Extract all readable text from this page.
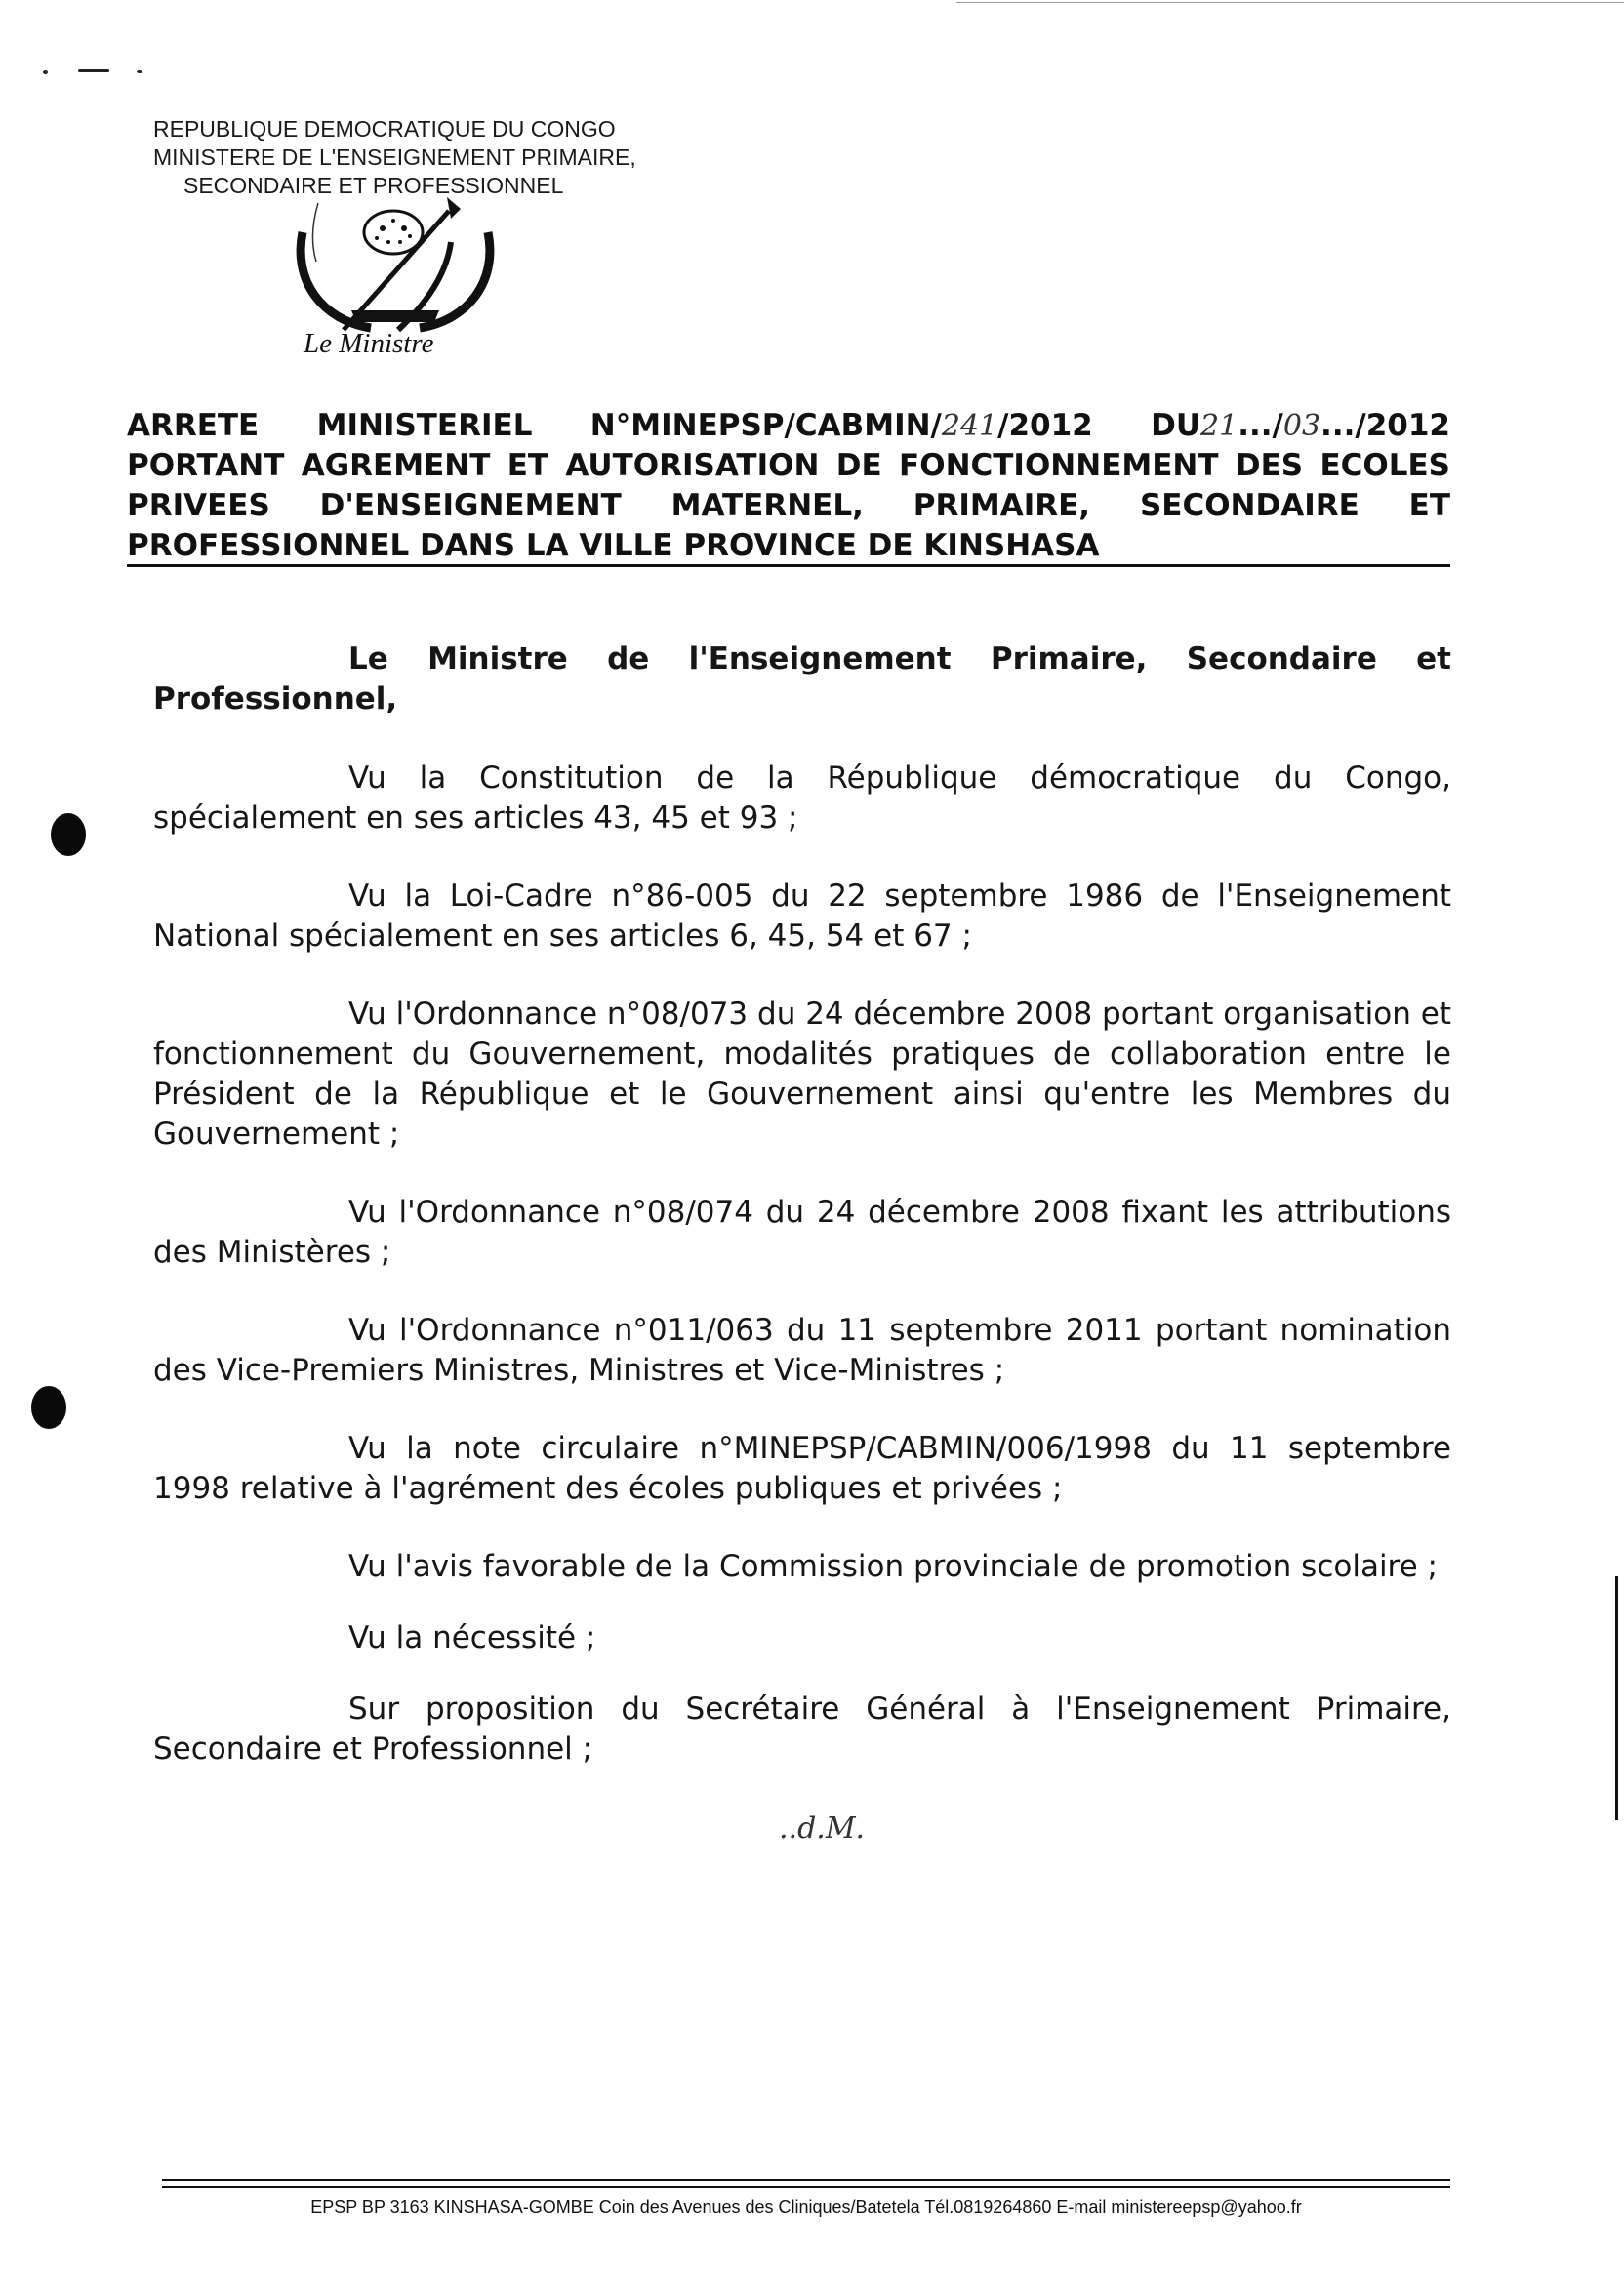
REPUBLIQUE DEMOCRATIQUE DU CONGO
MINISTERE DE L'ENSEIGNEMENT PRIMAIRE,
SECONDAIRE ET PROFESSIONNEL
Le Ministre
ARRETE MINISTERIEL N°MINEPSP/CABMIN/241/2012 DU21.../03.../2012
PORTANT AGREMENT ET AUTORISATION DE FONCTIONNEMENT DES ECOLES
PRIVEES D'ENSEIGNEMENT MATERNEL, PRIMAIRE, SECONDAIRE ET
PROFESSIONNEL DANS LA VILLE PROVINCE DE KINSHASA

Le Ministre de l'Enseignement Primaire, Secondaire et Professionnel,

Vu la Constitution de la République démocratique du Congo, spécialement en ses articles 43, 45 et 93 ;

Vu la Loi-Cadre n°86-005 du 22 septembre 1986 de l'Enseignement National spécialement en ses articles 6, 45, 54 et 67 ;

Vu l'Ordonnance n°08/073 du 24 décembre 2008 portant organisation et fonctionnement du Gouvernement, modalités pratiques de collaboration entre le Président de la République et le Gouvernement ainsi qu'entre les Membres du Gouvernement ;

Vu l'Ordonnance n°08/074 du 24 décembre 2008 fixant les attributions des Ministères ;

Vu l'Ordonnance n°011/063 du 11 septembre 2011 portant nomination des Vice-Premiers Ministres, Ministres et Vice-Ministres ;

Vu la note circulaire n°MINEPSP/CABMIN/006/1998 du 11 septembre 1998 relative à l'agrément des écoles publiques et privées ;

Vu l'avis favorable de la Commission provinciale de promotion scolaire ;

Vu la nécessité ;

Sur proposition du Secrétaire Général à l'Enseignement Primaire, Secondaire et Professionnel ;

..d.M.
EPSP BP 3163 KINSHASA-GOMBE Coin des Avenues des Cliniques/Batetela Tél.0819264860 E-mail ministereepsp@yahoo.fr
